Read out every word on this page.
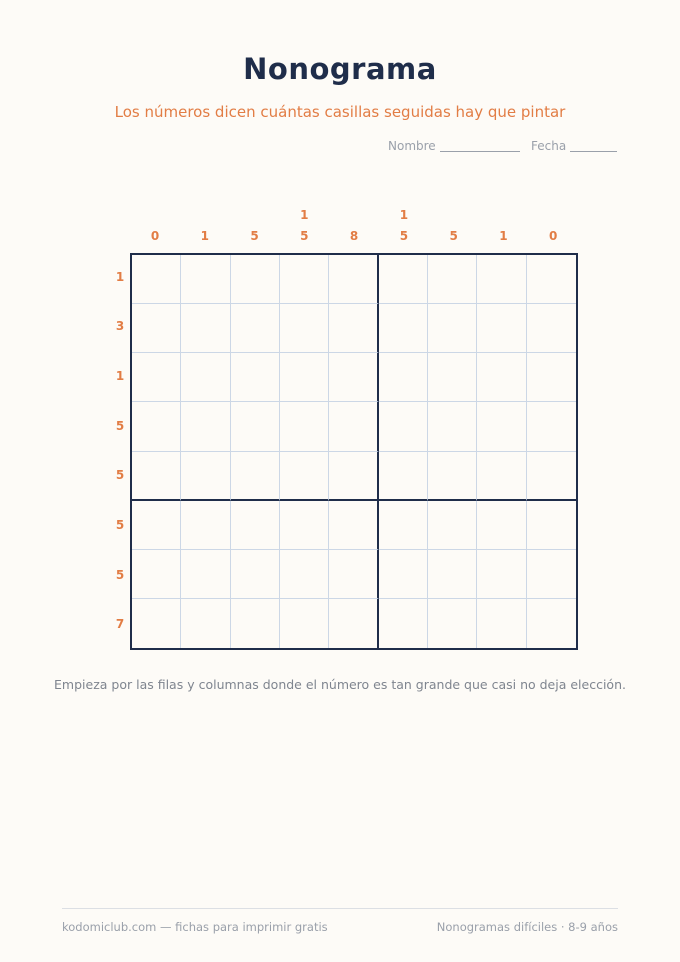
Nonograma
Los números dicen cuántas casillas seguidas hay que pintar
Nombre	Fecha
0	1	5
1
5	8
1
5	5	1	0
1
3
1
5
5
5
5
7
Empieza por las filas y columnas donde el número es tan grande que casi no deja elección.
kodomiclub.com — fichas para imprimir gratis	Nonogramas difíciles · 8-9 años
